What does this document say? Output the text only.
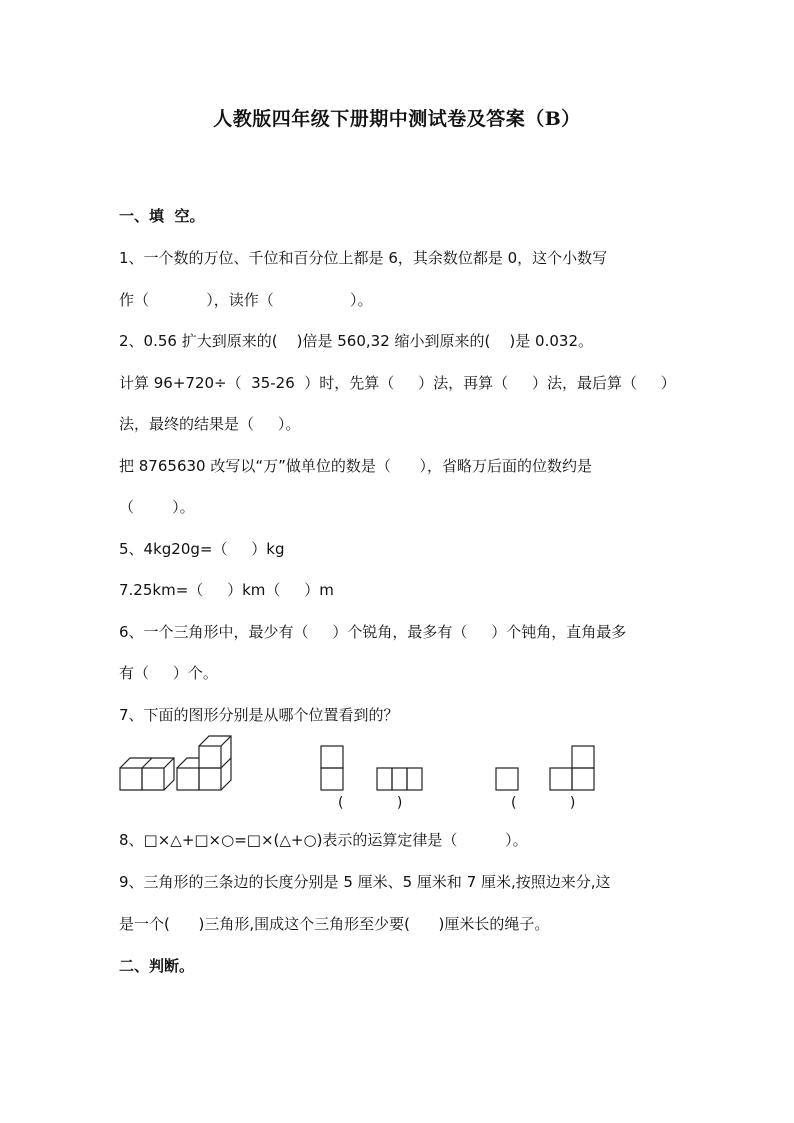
人教版四年级下册期中测试卷及答案（B）
一、填  空。
1、一个数的万位、千位和百分位上都是 6，其余数位都是 0，这个小数写
作（            ），读作（                ）。
2、0.56 扩大到原来的(    )倍是 560,32 缩小到原来的(    )是 0.032。
计算 96+720÷（  35-26  ）时，先算（     ）法，再算（     ）法，最后算（     ）
法，最终的结果是（     ）。
把 8765630 改写以“万”做单位的数是（      ），省略万后面的位数约是
（        ）。
5、4kg20g=（     ）kg
7.25km=（     ）km（     ）m
6、一个三角形中，最少有（     ）个锐角，最多有（     ）个钝角，直角最多
有（     ）个。
7、下面的图形分别是从哪个位置看到的？
(            )	(            )
8、□×△+□×○=□×(△+○)表示的运算定律是（          ）。
9、三角形的三条边的长度分别是 5 厘米、5 厘米和 7 厘米,按照边来分,这
是一个(      )三角形,围成这个三角形至少要(      )厘米长的绳子。
二、判断。
